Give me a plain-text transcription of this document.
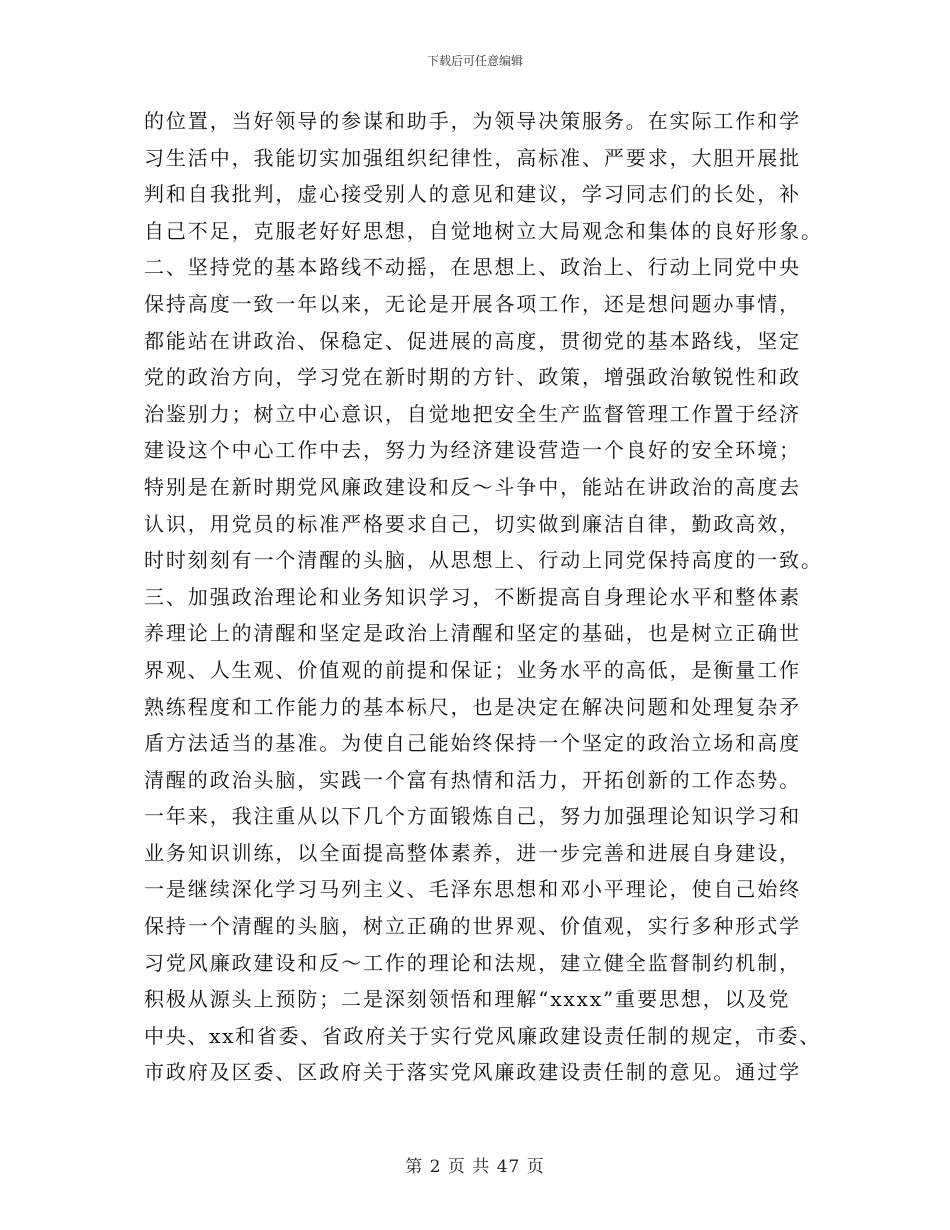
下载后可任意编辑
的位置，当好领导的参谋和助手，为领导决策服务。在实际工作和学
习生活中，我能切实加强组织纪律性，高标准、严要求，大胆开展批
判和自我批判，虚心接受别人的意见和建议，学习同志们的长处，补
自己不足，克服老好好思想，自觉地树立大局观念和集体的良好形象。
二、坚持党的基本路线不动摇，在思想上、政治上、行动上同党中央
保持高度一致一年以来，无论是开展各项工作，还是想问题办事情，
都能站在讲政治、保稳定、促进展的高度，贯彻党的基本路线，坚定
党的政治方向，学习党在新时期的方针、政策，增强政治敏锐性和政
治鉴别力；树立中心意识，自觉地把安全生产监督管理工作置于经济
建设这个中心工作中去，努力为经济建设营造一个良好的安全环境；
特别是在新时期党风廉政建设和反～斗争中，能站在讲政治的高度去
认识，用党员的标准严格要求自己，切实做到廉洁自律，勤政高效，
时时刻刻有一个清醒的头脑，从思想上、行动上同党保持高度的一致。
三、加强政治理论和业务知识学习，不断提高自身理论水平和整体素
养理论上的清醒和坚定是政治上清醒和坚定的基础，也是树立正确世
界观、人生观、价值观的前提和保证；业务水平的高低，是衡量工作
熟练程度和工作能力的基本标尺，也是决定在解决问题和处理复杂矛
盾方法适当的基准。为使自己能始终保持一个坚定的政治立场和高度
清醒的政治头脑，实践一个富有热情和活力，开拓创新的工作态势。
一年来，我注重从以下几个方面锻炼自己，努力加强理论知识学习和
业务知识训练，以全面提高整体素养，进一步完善和进展自身建设，
一是继续深化学习马列主义、毛泽东思想和邓小平理论，使自己始终
保持一个清醒的头脑，树立正确的世界观、价值观，实行多种形式学
习党风廉政建设和反～工作的理论和法规，建立健全监督制约机制，
积极从源头上预防；二是深刻领悟和理解“xxxx”重要思想，以及党
中央、xx和省委、省政府关于实行党风廉政建设责任制的规定，市委、
市政府及区委、区政府关于落实党风廉政建设责任制的意见。通过学
第 2 页 共 47 页
